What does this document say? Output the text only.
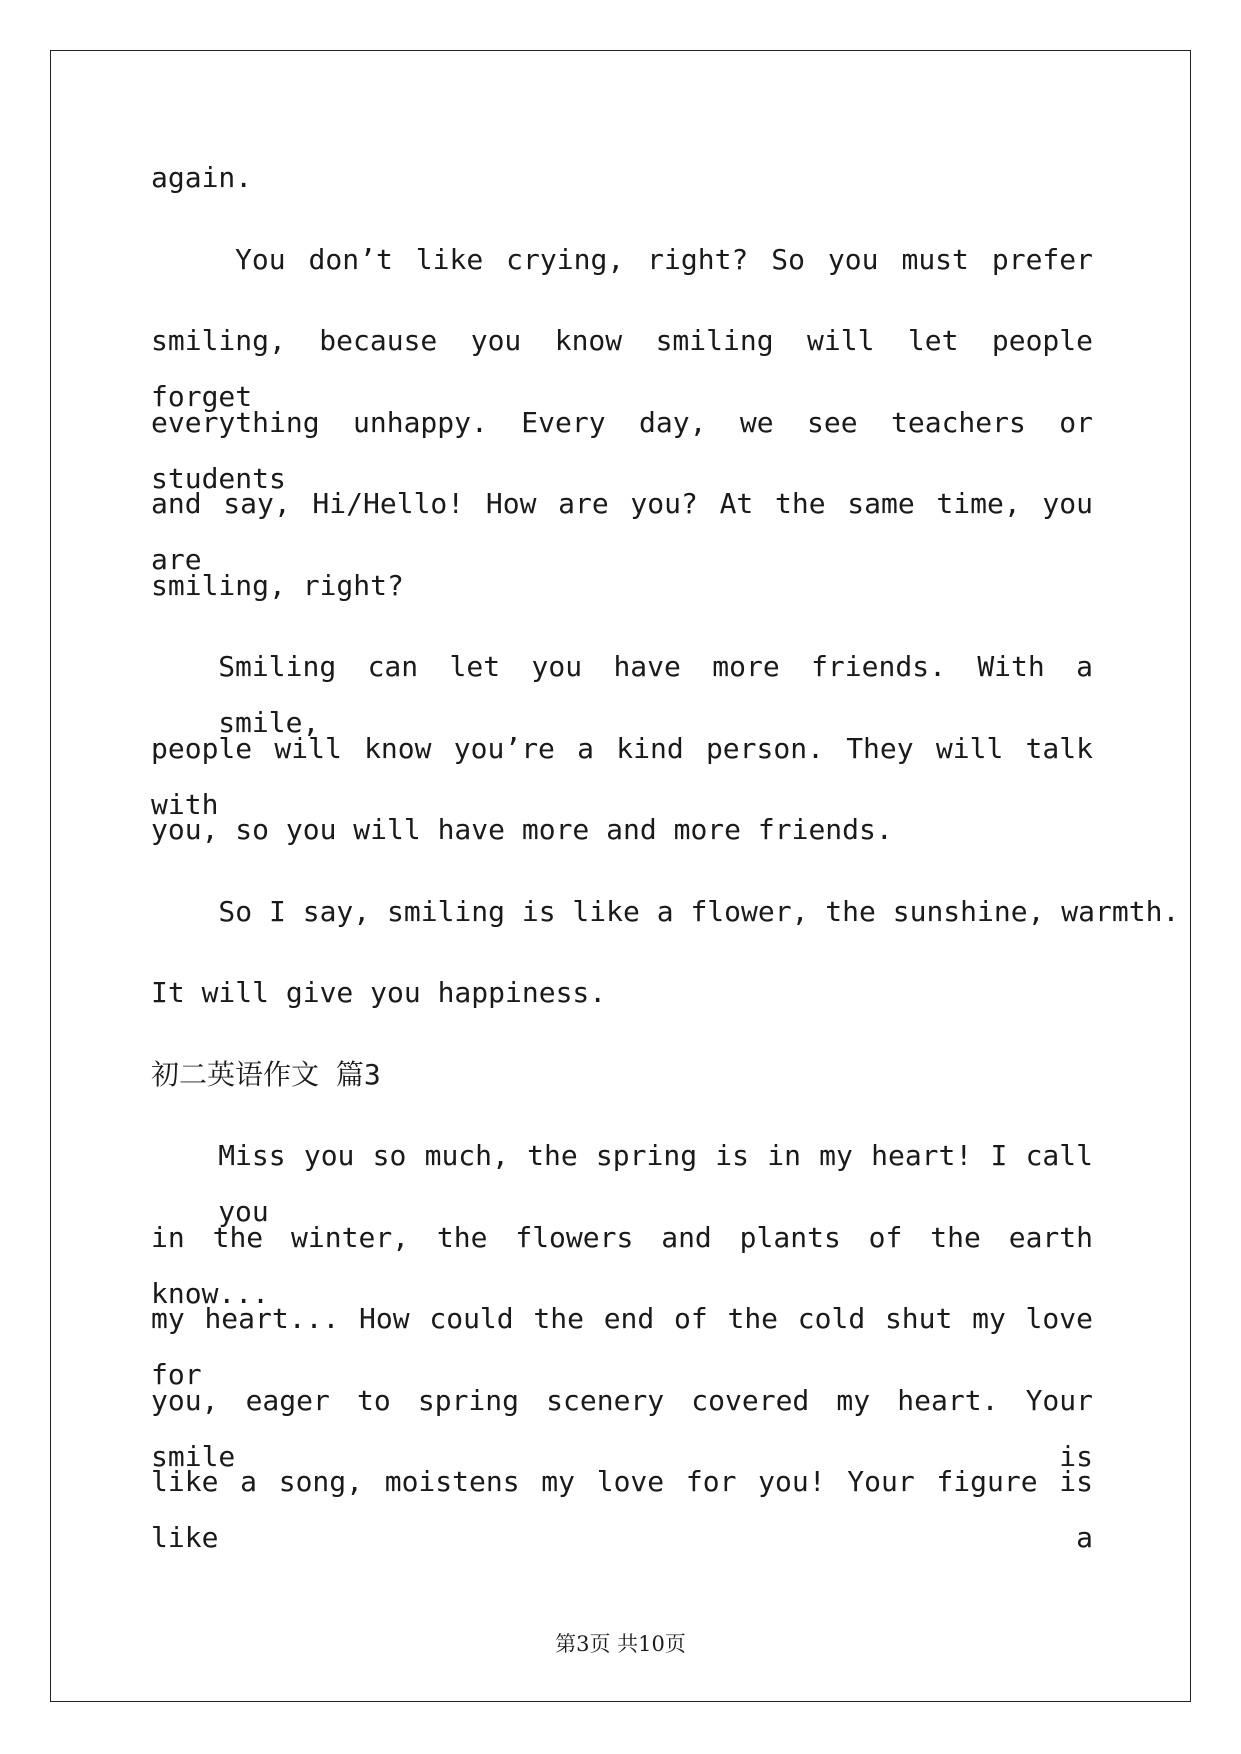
again.
You don’t like crying, right? So you must prefer
smiling, because you know smiling will let people forget
everything unhappy. Every day, we see teachers or students
and say, Hi/Hello! How are you? At the same time, you are
smiling, right?
Smiling can let you have more friends. With a smile,
people will know you’re a kind person. They will talk with
you, so you will have more and more friends.
So I say, smiling is like a flower, the sunshine, warmth.
It will give you happiness.
初二英语作文 篇3
Miss you so much, the spring is in my heart! I call you
in the winter, the flowers and plants of the earth know...
my heart... How could the end of the cold shut my love for
you, eager to spring scenery covered my heart. Your smile is
like a song, moistens my love for you! Your figure is like a
第3页 共10页
